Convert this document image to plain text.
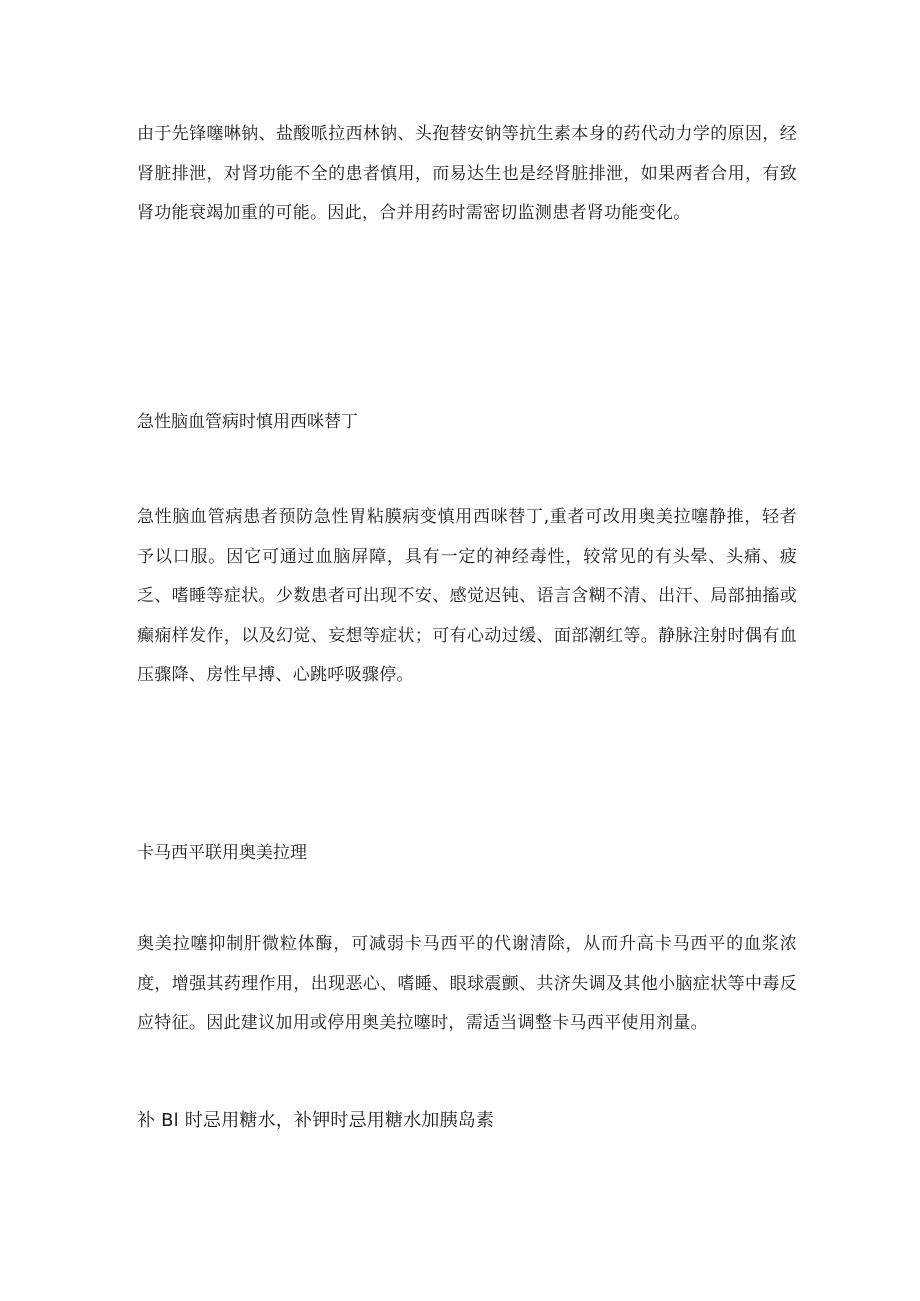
由于先锋噻啉钠、盐酸哌拉西林钠、头孢替安钠等抗生素本身的药代动力学的原因，经肾脏排泄，对肾功能不全的患者慎用，而易达生也是经肾脏排泄，如果两者合用，有致肾功能衰竭加重的可能。因此，合并用药时需密切监测患者肾功能变化。

急性脑血管病时慎用西咪替丁

急性脑血管病患者预防急性胃粘膜病变慎用西咪替丁,重者可改用奥美拉噻静推，轻者予以口服。因它可通过血脑屏障，具有一定的神经毒性，较常见的有头晕、头痛、疲乏、嗜睡等症状。少数患者可出现不安、感觉迟钝、语言含糊不清、出汗、局部抽搐或癫痫样发作，以及幻觉、妄想等症状；可有心动过缓、面部潮红等。静脉注射时偶有血压骤降、房性早搏、心跳呼吸骤停。

卡马西平联用奥美拉理

奥美拉噻抑制肝微粒体酶，可减弱卡马西平的代谢清除，从而升高卡马西平的血浆浓度，增强其药理作用，出现恶心、嗜睡、眼球震颤、共济失调及其他小脑症状等中毒反应特征。因此建议加用或停用奥美拉噻时，需适当调整卡马西平使用剂量。

补 Bl 时忌用糖水，补钾时忌用糖水加胰岛素
